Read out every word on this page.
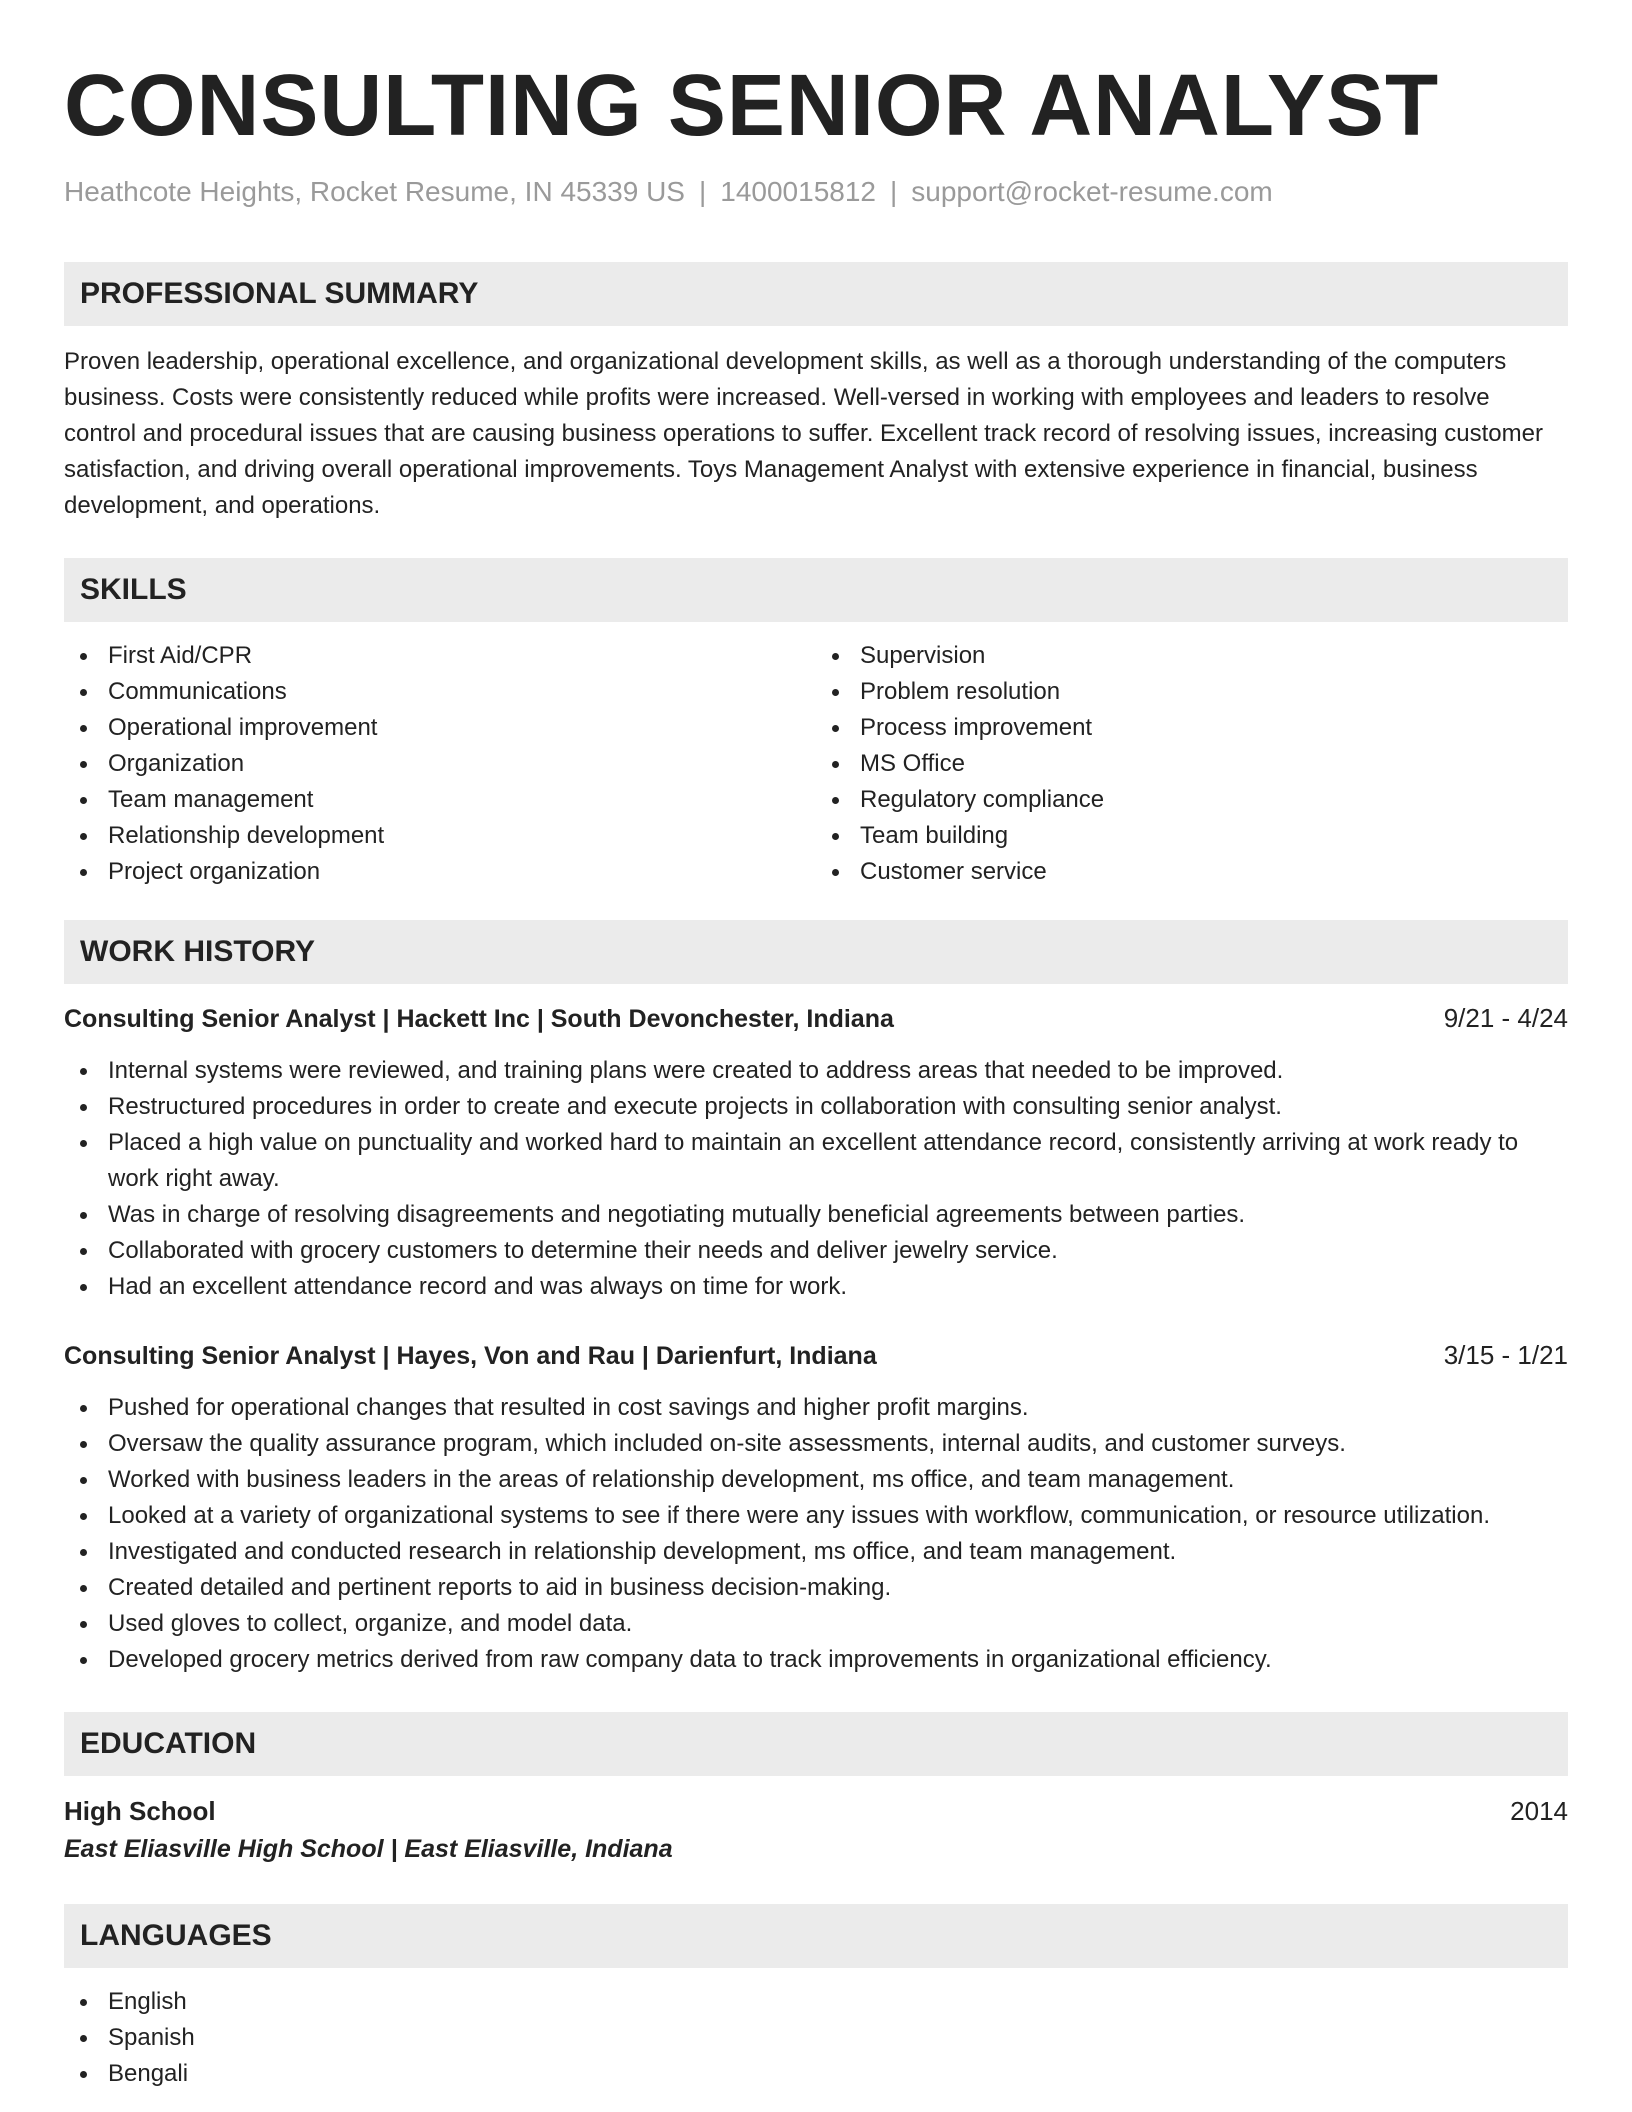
CONSULTING SENIOR ANALYST
Heathcote Heights, Rocket Resume, IN 45339 US | 1400015812 | support@rocket-resume.com
PROFESSIONAL SUMMARY

Proven leadership, operational excellence, and organizational development skills, as well as a thorough understanding of the computers business. Costs were consistently reduced while profits were increased. Well-versed in working with employees and leaders to resolve control and procedural issues that are causing business operations to suffer. Excellent track record of resolving issues, increasing customer satisfaction, and driving overall operational improvements. Toys Management Analyst with extensive experience in financial, business development, and operations.

SKILLS
First Aid/CPR
Communications
Operational improvement
Organization
Team management
Relationship development
Project organization
Supervision
Problem resolution
Process improvement
MS Office
Regulatory compliance
Team building
Customer service
WORK HISTORY
Consulting Senior Analyst | Hackett Inc | South Devonchester, Indiana	9/21 - 4/24
Internal systems were reviewed, and training plans were created to address areas that needed to be improved.
Restructured procedures in order to create and execute projects in collaboration with consulting senior analyst.
Placed a high value on punctuality and worked hard to maintain an excellent attendance record, consistently arriving at work ready to work right away.
Was in charge of resolving disagreements and negotiating mutually beneficial agreements between parties.
Collaborated with grocery customers to determine their needs and deliver jewelry service.
Had an excellent attendance record and was always on time for work.
Consulting Senior Analyst | Hayes, Von and Rau | Darienfurt, Indiana	3/15 - 1/21
Pushed for operational changes that resulted in cost savings and higher profit margins.
Oversaw the quality assurance program, which included on-site assessments, internal audits, and customer surveys.
Worked with business leaders in the areas of relationship development, ms office, and team management.
Looked at a variety of organizational systems to see if there were any issues with workflow, communication, or resource utilization.
Investigated and conducted research in relationship development, ms office, and team management.
Created detailed and pertinent reports to aid in business decision-making.
Used gloves to collect, organize, and model data.
Developed grocery metrics derived from raw company data to track improvements in organizational efficiency.
EDUCATION
High School	2014
East Eliasville High School | East Eliasville, Indiana
LANGUAGES
English
Spanish
Bengali
